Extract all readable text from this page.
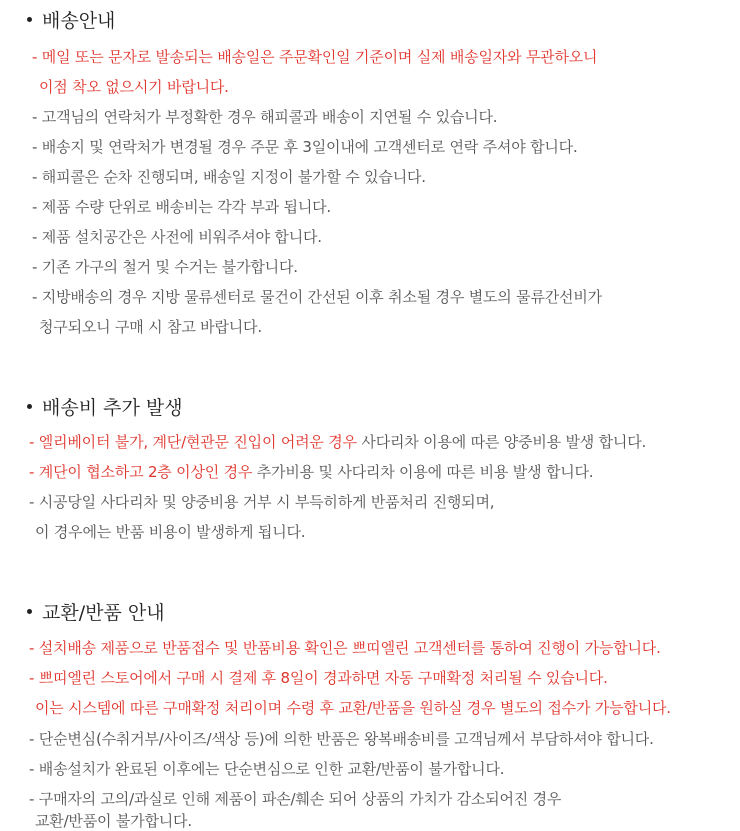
배송안내
- 메일 또는 문자로 발송되는 배송일은 주문확인일 기준이며 실제 배송일자와 무관하오니
이점 착오 없으시기 바랍니다.
- 고객님의 연락처가 부정확한 경우 해피콜과 배송이 지연될 수 있습니다.
- 배송지 및 연락처가 변경될 경우 주문 후 3일이내에 고객센터로 연락 주셔야 합니다.
- 해피콜은 순차 진행되며, 배송일 지정이 불가할 수 있습니다.
- 제품 수량 단위로 배송비는 각각 부과 됩니다.
- 제품 설치공간은 사전에 비워주셔야 합니다.
- 기존 가구의 철거 및 수거는 불가합니다.
- 지방배송의 경우 지방 물류센터로 물건이 간선된 이후 취소될 경우 별도의 물류간선비가
청구되오니 구매 시 참고 바랍니다.
배송비 추가 발생
- 엘리베이터 불가, 계단/현관문 진입이 어려운 경우 사다리차 이용에 따른 양중비용 발생 합니다.
- 계단이 협소하고 2층 이상인 경우 추가비용 및 사다리차 이용에 따른 비용 발생 합니다.
- 시공당일 사다리차 및 양중비용 거부 시 부득히하게 반품처리 진행되며,
이 경우에는 반품 비용이 발생하게 됩니다.
교환/반품 안내
- 설치배송 제품으로 반품접수 및 반품비용 확인은 쁘띠엘린 고객센터를 통하여 진행이 가능합니다.
- 쁘띠엘린 스토어에서 구매 시 결제 후 8일이 경과하면 자동 구매확정 처리될 수 있습니다.
이는 시스템에 따른 구매확정 처리이며 수령 후 교환/반품을 원하실 경우 별도의 접수가 가능합니다.
- 단순변심(수취거부/사이즈/색상 등)에 의한 반품은 왕복배송비를 고객님께서 부담하셔야 합니다.
- 배송설치가 완료된 이후에는 단순변심으로 인한 교환/반품이 불가합니다.
- 구매자의 고의/과실로 인해 제품이 파손/훼손 되어 상품의 가치가 감소되어진 경우
교환/반품이 불가합니다.
